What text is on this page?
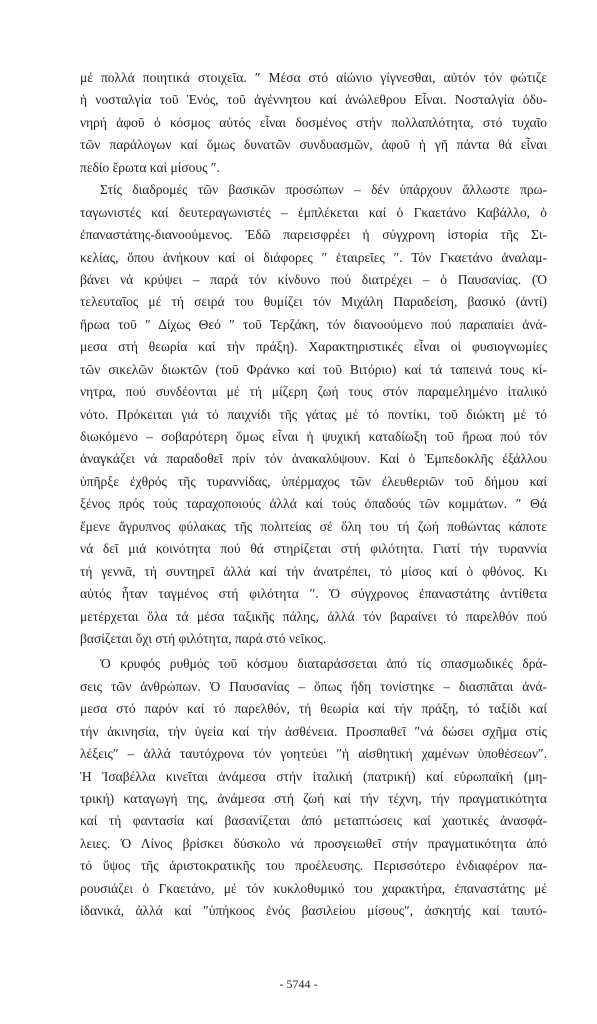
μέ πολλά ποιητικά στοιχεῖα. ″ Μέσα στό αἰώνιο γίγνεσθαι, αὐτόν τόν φώτιζε
ἡ νοσταλγία τοῦ Ἑνός, τοῦ ἀγέννητου καί ἀνώλεθρου Εἶναι. Νοσταλγία ὀδυ-
νηρή ἀφοῦ ὁ κόσμος αὐτός εἶναι δοσμένος στήν πολλαπλότητα, στό τυχαῖο
τῶν παράλογων καί ὅμως δυνατῶν συνδυασμῶν, ἀφοῦ ἡ γῆ πάντα θά εἶναι
πεδίο ἔρωτα καί μίσους ″.
Στίς διαδρομές τῶν βασικῶν προσώπων – δέν ὑπάρχουν ἄλλωστε πρω-
ταγωνιστές καί δευτεραγωνιστές – ἐμπλέκεται καί ὁ Γκαετάνο Καβάλλο, ὁ
ἐπαναστάτης-διανοούμενος. Ἐδῶ παρεισφρέει ἡ σύγχρονη ἱστορία τῆς Σι-
κελίας, ὅπου ἀνήκουν καί οἱ διάφορες ″ ἑταιρεῖες ″. Τόν Γκαετάνο ἀναλαμ-
βάνει νά κρύψει – παρά τόν κίνδυνο πού διατρέχει – ὁ Παυσανίας. (Ὁ
τελευταῖος μέ τή σειρά του θυμίζει τόν Μιχάλη Παραδείση, βασικό (ἀντί)
ἥρωα τοῦ ″ Δίχως Θεό ″ τοῦ Τερζάκη, τόν διανοούμενο πού παραπαίει ἀνά-
μεσα στή θεωρία καί τήν πράξη). Χαρακτηριστικές εἶναι οἱ φυσιογνωμίες
τῶν σικελῶν διωκτῶν (τοῦ Φράνκο καί τοῦ Βιτόριο) καί τά ταπεινά τους κί-
νητρα, πού συνδέονται μέ τή μίζερη ζωή τους στόν παραμελημένο ἰταλικό
νότο. Πρόκειται γιά τό παιχνίδι τῆς γάτας μέ τό ποντίκι, τοῦ διώκτη μέ τό
διωκόμενο – σοβαρότερη ὅμως εἶναι ἡ ψυχική καταδίωξη τοῦ ἥρωα πού τόν
ἀναγκάζει νά παραδοθεῖ πρίν τόν ἀνακαλύψουν. Καί ὁ Ἐμπεδοκλῆς ἐξάλλου
ὑπῆρξε ἐχθρός τῆς τυραννίδας, ὑπέρμαχος τῶν ἐλευθεριῶν τοῦ δήμου καί
ξένος πρός τούς ταραχοποιούς ἀλλά καί τούς ὀπαδούς τῶν κομμάτων. ″ Θά
ἔμενε ἄγρυπνος φύλακας τῆς πολιτείας σέ ὅλη του τή ζωή ποθώντας κάποτε
νά δεῖ μιά κοινότητα πού θά στηρίζεται στή φιλότητα. Γιατί τήν τυραννία
τή γεννᾶ, τή συντηρεῖ ἀλλά καί τήν ἀνατρέπει, τό μίσος καί ὁ φθόνος. Κι
αὐτός ἦταν ταγμένος στή φιλότητα ″. Ὁ σύγχρονος ἐπαναστάτης ἀντίθετα
μετέρχεται ὅλα τά μέσα ταξικῆς πάλης, ἀλλά τόν βαραίνει τό παρελθόν πού
βασίζεται ὄχι στή φιλότητα, παρά στό νεῖκος.
Ὁ κρυφός ρυθμός τοῦ κόσμου διαταράσσεται ἀπό τίς σπασμωδικές δρά-
σεις τῶν ἀνθρώπων. Ὁ Παυσανίας – ὅπως ἤδη τονίστηκε – διασπᾶται ἀνά-
μεσα στό παρόν καί τό παρελθόν, τή θεωρία καί τήν πράξη, τό ταξίδι καί
τήν ἀκινησία, τήν ὑγεία καί τήν ἀσθένεια. Προσπαθεῖ ″νά δώσει σχῆμα στίς
λέξεις″ – ἀλλά ταυτόχρονα τόν γοητεύει ″ἡ αἰσθητική χαμένων ὑποθέσεων″.
Ἡ Ἰσαβέλλα κινεῖται ἀνάμεσα στήν ἰταλική (πατρική) καί εὐρωπαϊκή (μη-
τρική) καταγωγή της, ἀνάμεσα στή ζωή καί τήν τέχνη, τήν πραγματικότητα
καί τή φαντασία καί βασανίζεται ἀπό μεταπτώσεις καί χαοτικές ἀνασφά-
λειες. Ὁ Λίνος βρίσκει δύσκολο νά προσγειωθεῖ στήν πραγματικότητα ἀπό
τό ὕψος τῆς ἀριστοκρατικῆς του προέλευσης. Περισσότερο ἐνδιαφέρον πα-
ρουσιάζει ὁ Γκαετάνο, μέ τόν κυκλοθυμικό του χαρακτήρα, ἐπαναστάτης μέ
ἰδανικά, ἀλλά καί ″ὑπήκοος ἑνός βασιλείου μίσους″, ἀσκητής καί ταυτό-
- 5744 -
